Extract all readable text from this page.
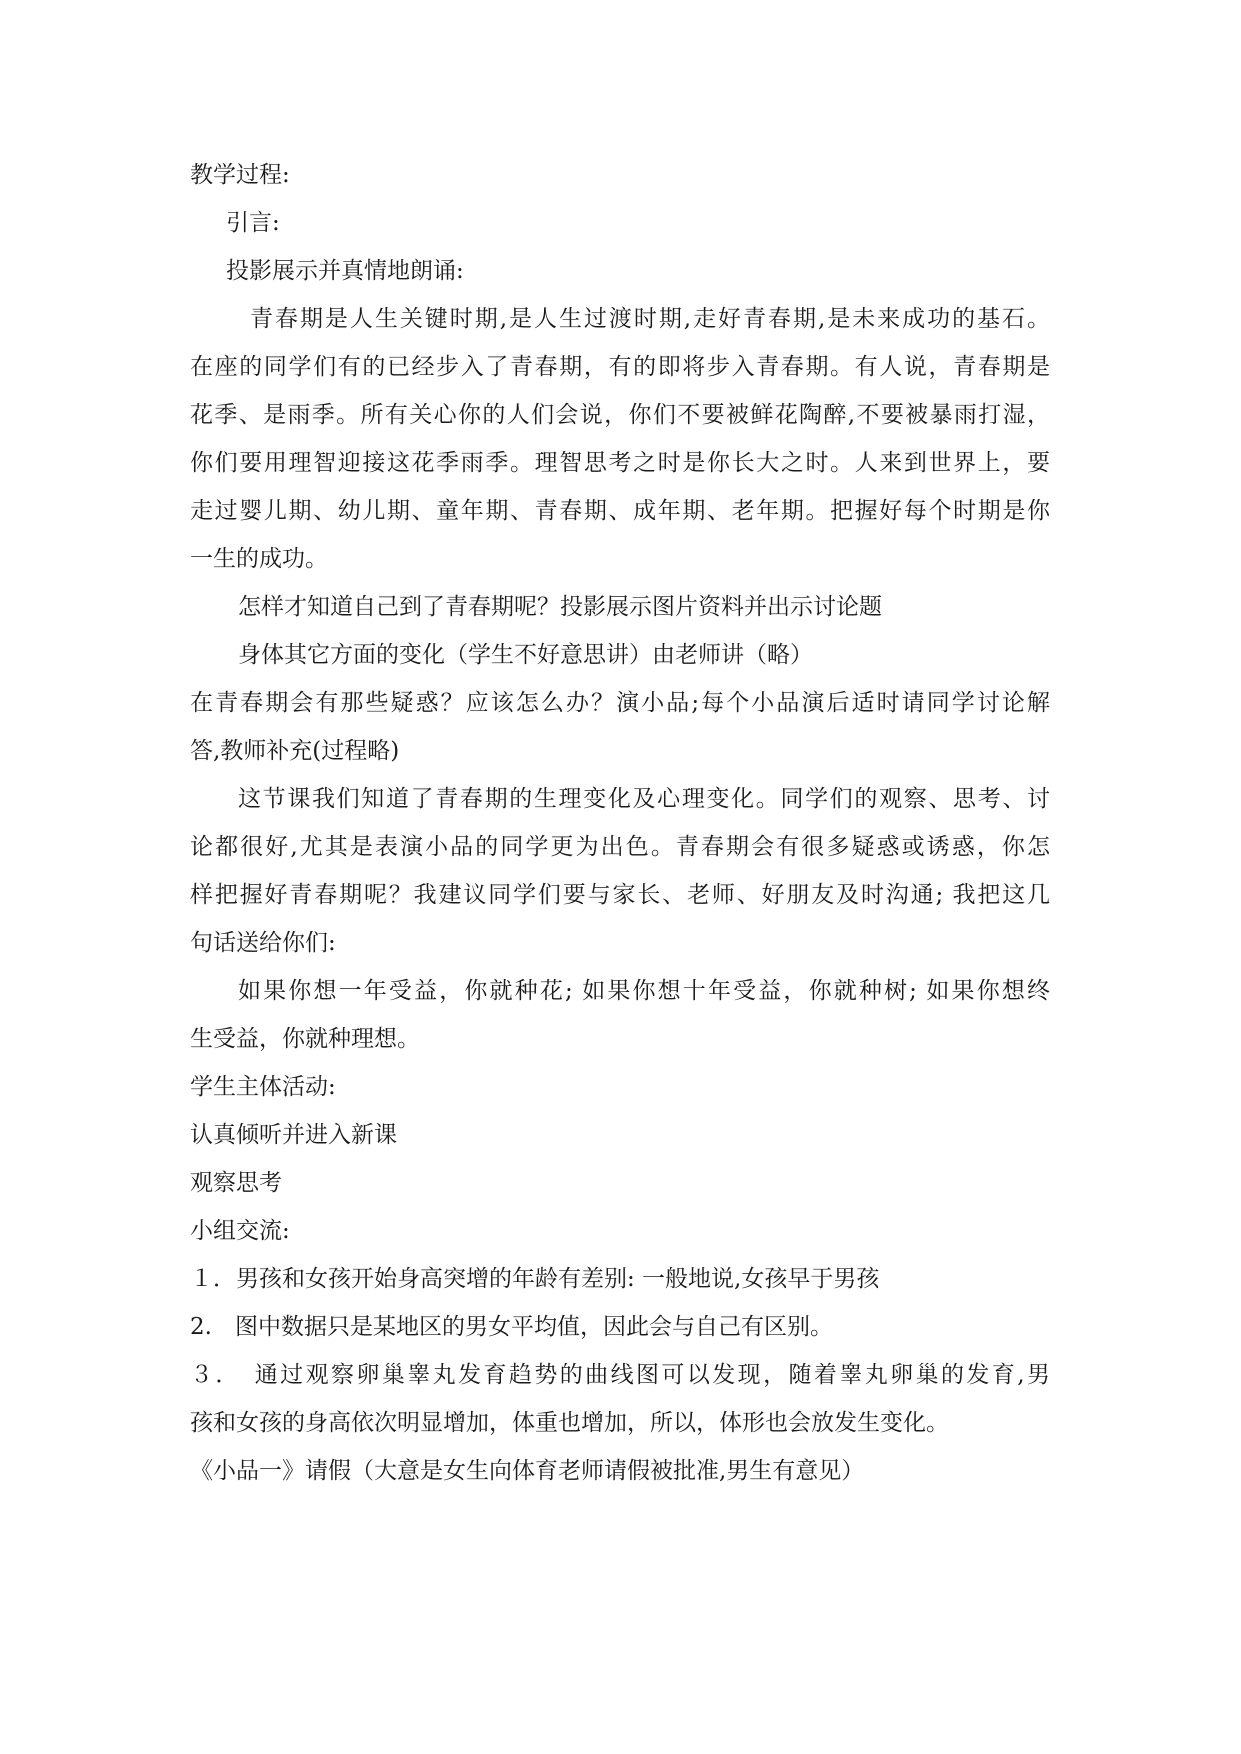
教学过程:
引言:
投影展示并真情地朗诵:
青春期是人生关键时期,是人生过渡时期,走好青春期,是未来成功的基石。
在座的同学们有的已经步入了青春期，有的即将步入青春期。有人说，青春期是
花季、是雨季。所有关心你的人们会说，你们不要被鲜花陶醉,不要被暴雨打湿，
你们要用理智迎接这花季雨季。理智思考之时是你长大之时。人来到世界上，要
走过婴儿期、幼儿期、童年期、青春期、成年期、老年期。把握好每个时期是你
一生的成功。
怎样才知道自己到了青春期呢？投影展示图片资料并出示讨论题
身体其它方面的变化（学生不好意思讲）由老师讲（略）
在青春期会有那些疑惑？应该怎么办？演小品;每个小品演后适时请同学讨论解
答,教师补充(过程略)
这节课我们知道了青春期的生理变化及心理变化。同学们的观察、思考、讨
论都很好,尤其是表演小品的同学更为出色。青春期会有很多疑惑或诱惑，你怎
样把握好青春期呢？我建议同学们要与家长、老师、好朋友及时沟通; 我把这几
句话送给你们:
如果你想一年受益，你就种花; 如果你想十年受益，你就种树; 如果你想终
生受益，你就种理想。
学生主体活动:
认真倾听并进入新课
观察思考
小组交流:
１．男孩和女孩开始身高突增的年龄有差别: 一般地说,女孩早于男孩
2.　图中数据只是某地区的男女平均值，因此会与自己有区别。
３．　通过观察卵巢睾丸发育趋势的曲线图可以发现，随着睾丸卵巢的发育,男
孩和女孩的身高依次明显增加，体重也增加，所以，体形也会放发生变化。
《小品一》请假（大意是女生向体育老师请假被批准,男生有意见）
